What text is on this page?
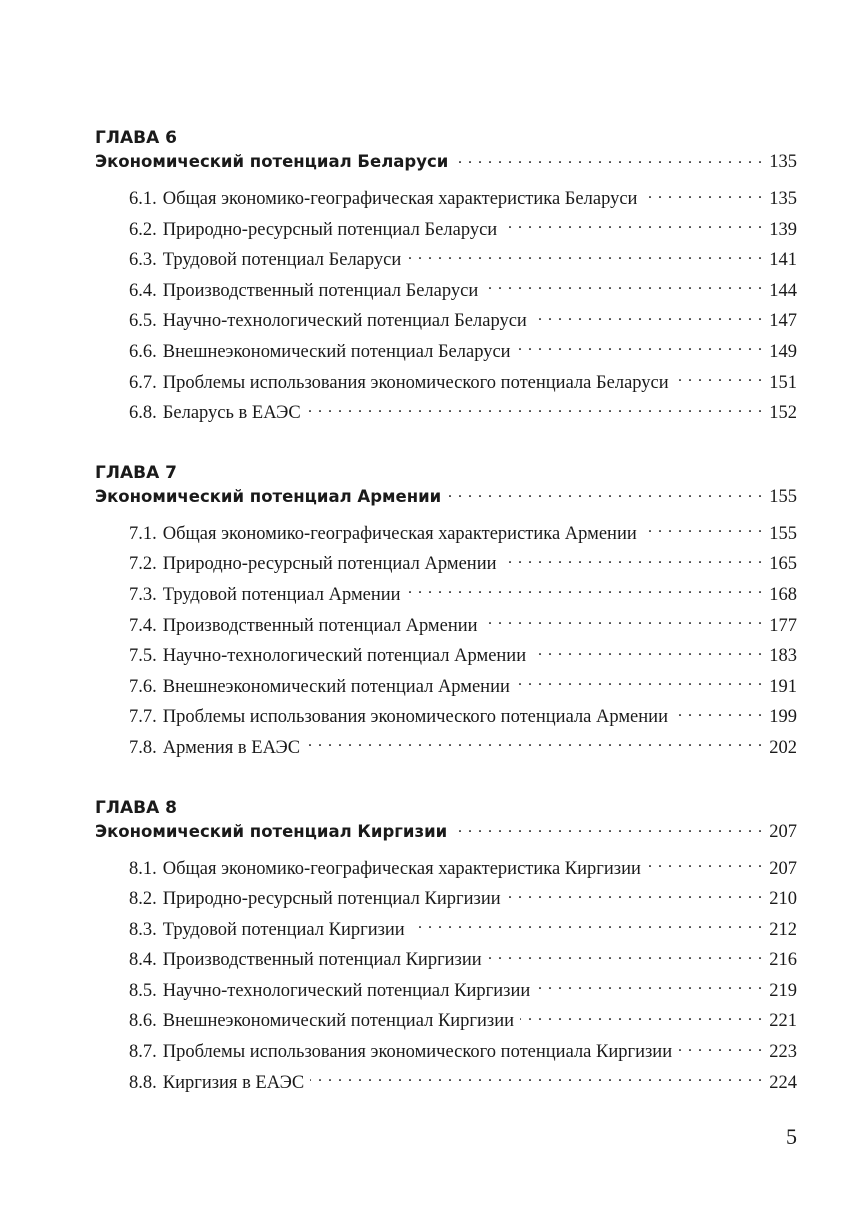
ГЛАВА 6
Экономический потенциал Беларуси . . .	135
6.1. Общая экономико-географическая характеристика Беларуси . . .	135
6.2. Природно-ресурсный потенциал Беларуси . . .	139
6.3. Трудовой потенциал Беларуси . . .	141
6.4. Производственный потенциал Беларуси . . .	144
6.5. Научно-технологический потенциал Беларуси . . .	147
6.6. Внешнеэкономический потенциал Беларуси . . .	149
6.7. Проблемы использования экономического потенциала Беларуси . . .	151
6.8. Беларусь в ЕАЭС . . .	152
ГЛАВА 7
Экономический потенциал Армении . . .	155
7.1. Общая экономико-географическая характеристика Армении . . .	155
7.2. Природно-ресурсный потенциал Армении . . .	165
7.3. Трудовой потенциал Армении . . .	168
7.4. Производственный потенциал Армении . . .	177
7.5. Научно-технологический потенциал Армении . . .	183
7.6. Внешнеэкономический потенциал Армении . . .	191
7.7. Проблемы использования экономического потенциала Армении . . .	199
7.8. Армения в ЕАЭС . . .	202
ГЛАВА 8
Экономический потенциал Киргизии . . .	207
8.1. Общая экономико-географическая характеристика Киргизии . . .	207
8.2. Природно-ресурсный потенциал Киргизии . . .	210
8.3. Трудовой потенциал Киргизии . . .	212
8.4. Производственный потенциал Киргизии . . .	216
8.5. Научно-технологический потенциал Киргизии . . .	219
8.6. Внешнеэкономический потенциал Киргизии . . .	221
8.7. Проблемы использования экономического потенциала Киргизии . . .	223
8.8. Киргизия в ЕАЭС . . .	224
5
